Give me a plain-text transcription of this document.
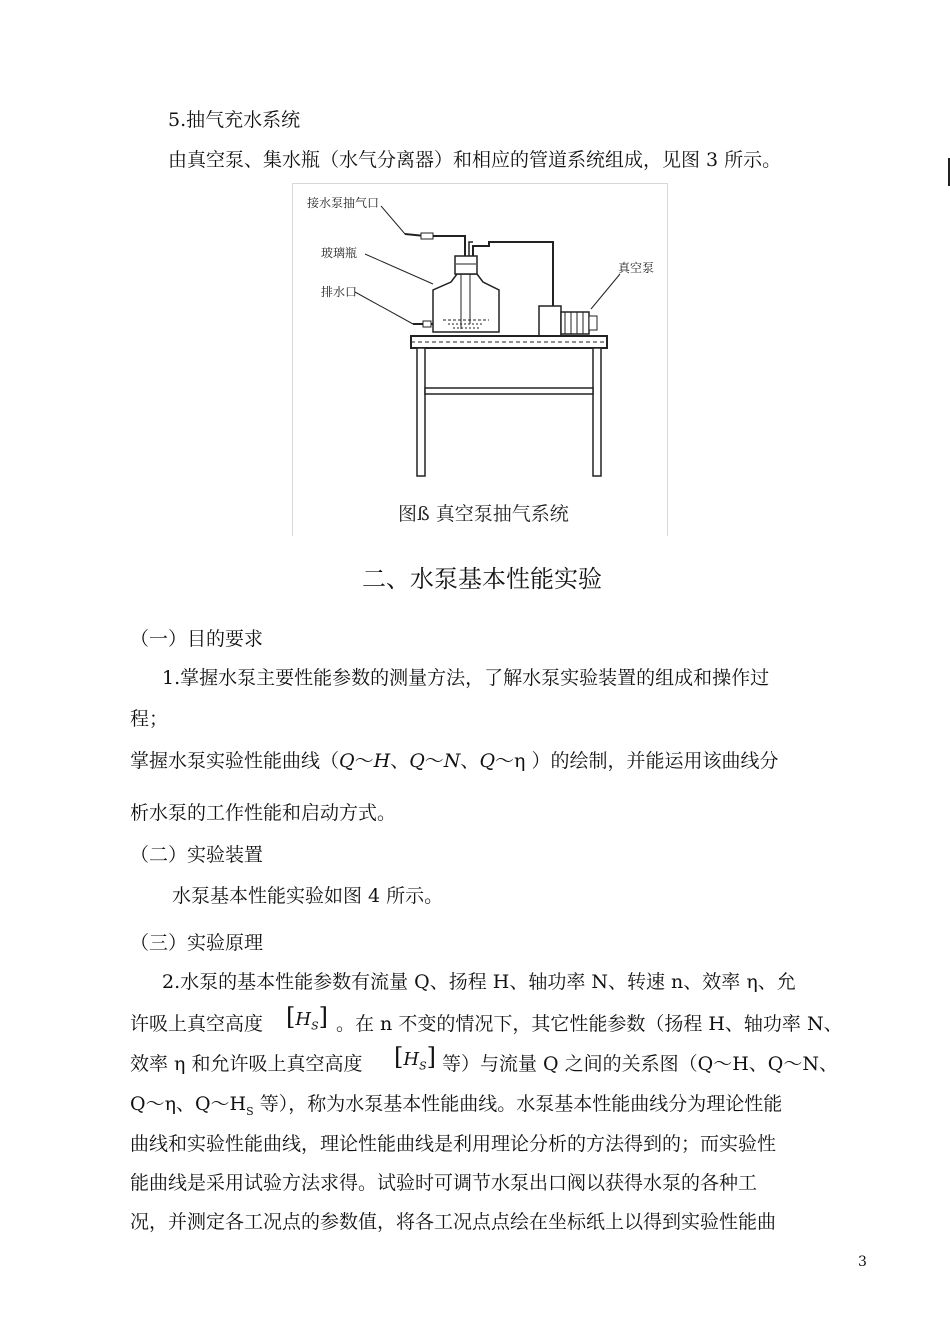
5.抽气充水系统
由真空泵、集水瓶（水气分离器）和相应的管道系统组成，见图 3 所示。
接水泵抽气口
玻璃瓶
排水口
真空泵
图ß 真空泵抽气系统
二、水泵基本性能实验
（一）目的要求
1.掌握水泵主要性能参数的测量方法，了解水泵实验装置的组成和操作过
程；
掌握水泵实验性能曲线（Q～H、Q～N、Q～η ）的绘制，并能运用该曲线分
析水泵的工作性能和启动方式。
（二）实验装置
水泵基本性能实验如图 4 所示。
（三）实验原理
2.水泵的基本性能参数有流量 Q、扬程 H、轴功率 N、转速 n、效率 η、允
许吸上真空高度 $[H_S]$ 。在 n 不变的情况下，其它性能参数（扬程 H、轴功率 N、
效率 η 和允许吸上真空高度 $[H_S]$ 等）与流量 Q 之间的关系图（Q～H、Q～N、
Q～η、$Q\sim H_S$ 等），称为水泵基本性能曲线。水泵基本性能曲线分为理论性能
曲线和实验性能曲线，理论性能曲线是利用理论分析的方法得到的；而实验性
能曲线是采用试验方法求得。试验时可调节水泵出口阀以获得水泵的各种工
况，并测定各工况点的参数值，将各工况点点绘在坐标纸上以得到实验性能曲
3
